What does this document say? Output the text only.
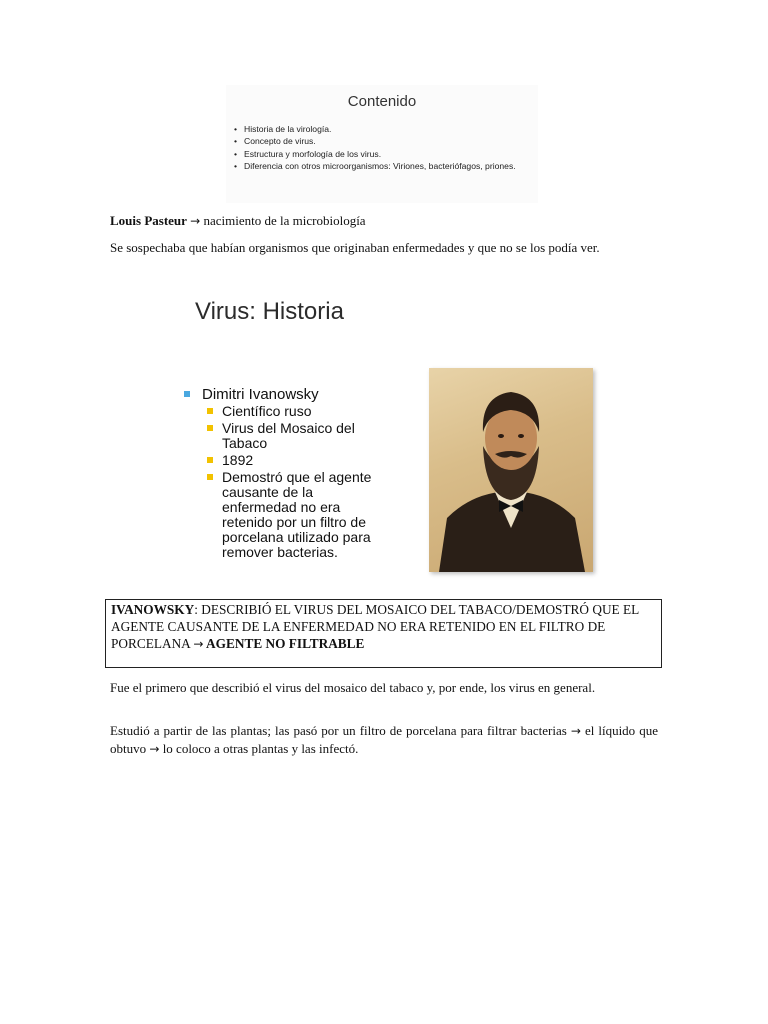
Contenido
• Historia de la virología.
• Concepto de virus.
• Estructura y morfología de los virus.
• Diferencia con otros microorganismos: Viriones, bacteriófagos, priones.
Louis Pasteur → nacimiento de la microbiología
Se sospechaba que habían organismos que originaban enfermedades y que no se los podía ver.
Virus: Historia
Dimitri Ivanowsky
Científico ruso
Virus del Mosaico del Tabaco
1892
Demostró que el agente causante de la enfermedad no era retenido por un filtro de porcelana utilizado para remover bacterias.
IVANOWSKY: DESCRIBIÓ EL VIRUS DEL MOSAICO DEL TABACO/DEMOSTRÓ QUE EL AGENTE CAUSANTE DE LA ENFERMEDAD NO ERA RETENIDO EN EL FILTRO DE PORCELANA → AGENTE NO FILTRABLE
Fue el primero que describió el virus del mosaico del tabaco y, por ende, los virus en general.
Estudió a partir de las plantas; las pasó por un filtro de porcelana para filtrar bacterias → el líquido que obtuvo → lo coloco a otras plantas y las infectó.
